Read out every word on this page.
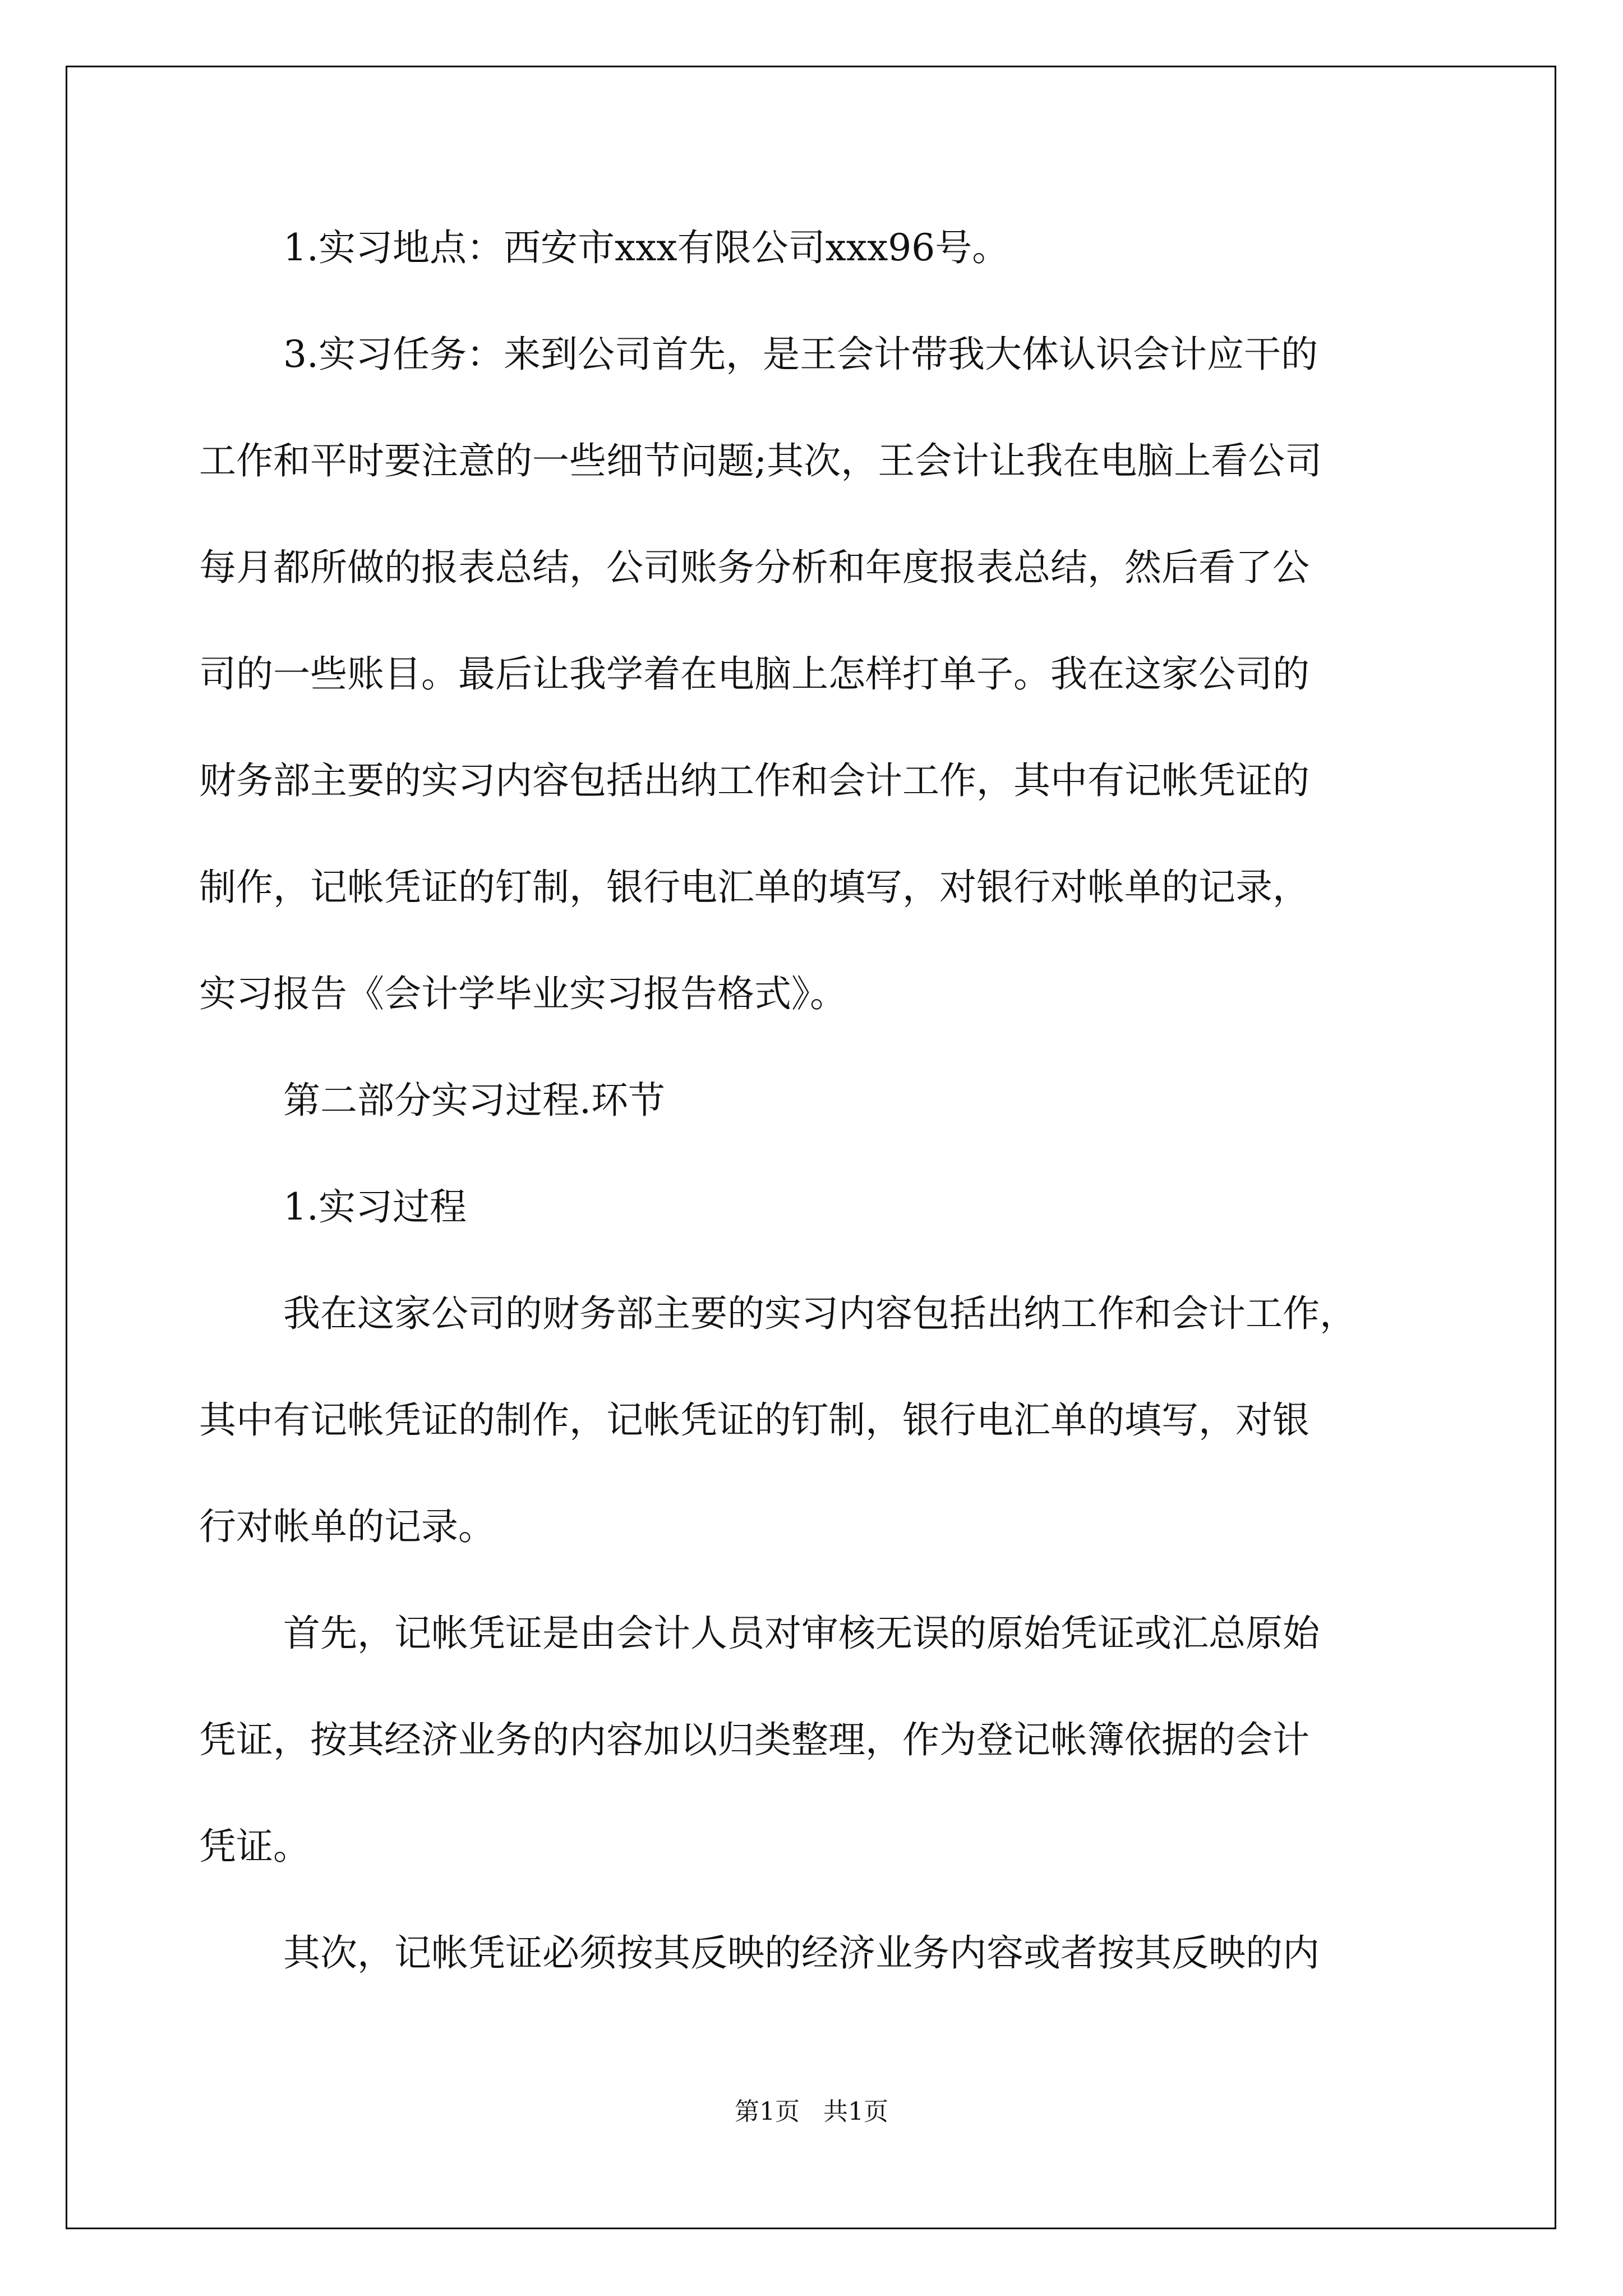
1.实习地点：西安市xxx有限公司xxx96号。
3.实习任务：来到公司首先，是王会计带我大体认识会计应干的
工作和平时要注意的一些细节问题;其次，王会计让我在电脑上看公司
每月都所做的报表总结，公司账务分析和年度报表总结，然后看了公
司的一些账目。最后让我学着在电脑上怎样打单子。我在这家公司的
财务部主要的实习内容包括出纳工作和会计工作，其中有记帐凭证的
制作，记帐凭证的钉制，银行电汇单的填写，对银行对帐单的记录，
实习报告《会计学毕业实习报告格式》。
第二部分实习过程.环节
1.实习过程
我在这家公司的财务部主要的实习内容包括出纳工作和会计工作，
其中有记帐凭证的制作，记帐凭证的钉制，银行电汇单的填写，对银
行对帐单的记录。
首先，记帐凭证是由会计人员对审核无误的原始凭证或汇总原始
凭证，按其经济业务的内容加以归类整理，作为登记帐簿依据的会计
凭证。
其次，记帐凭证必须按其反映的经济业务内容或者按其反映的内
第1页   共1页
